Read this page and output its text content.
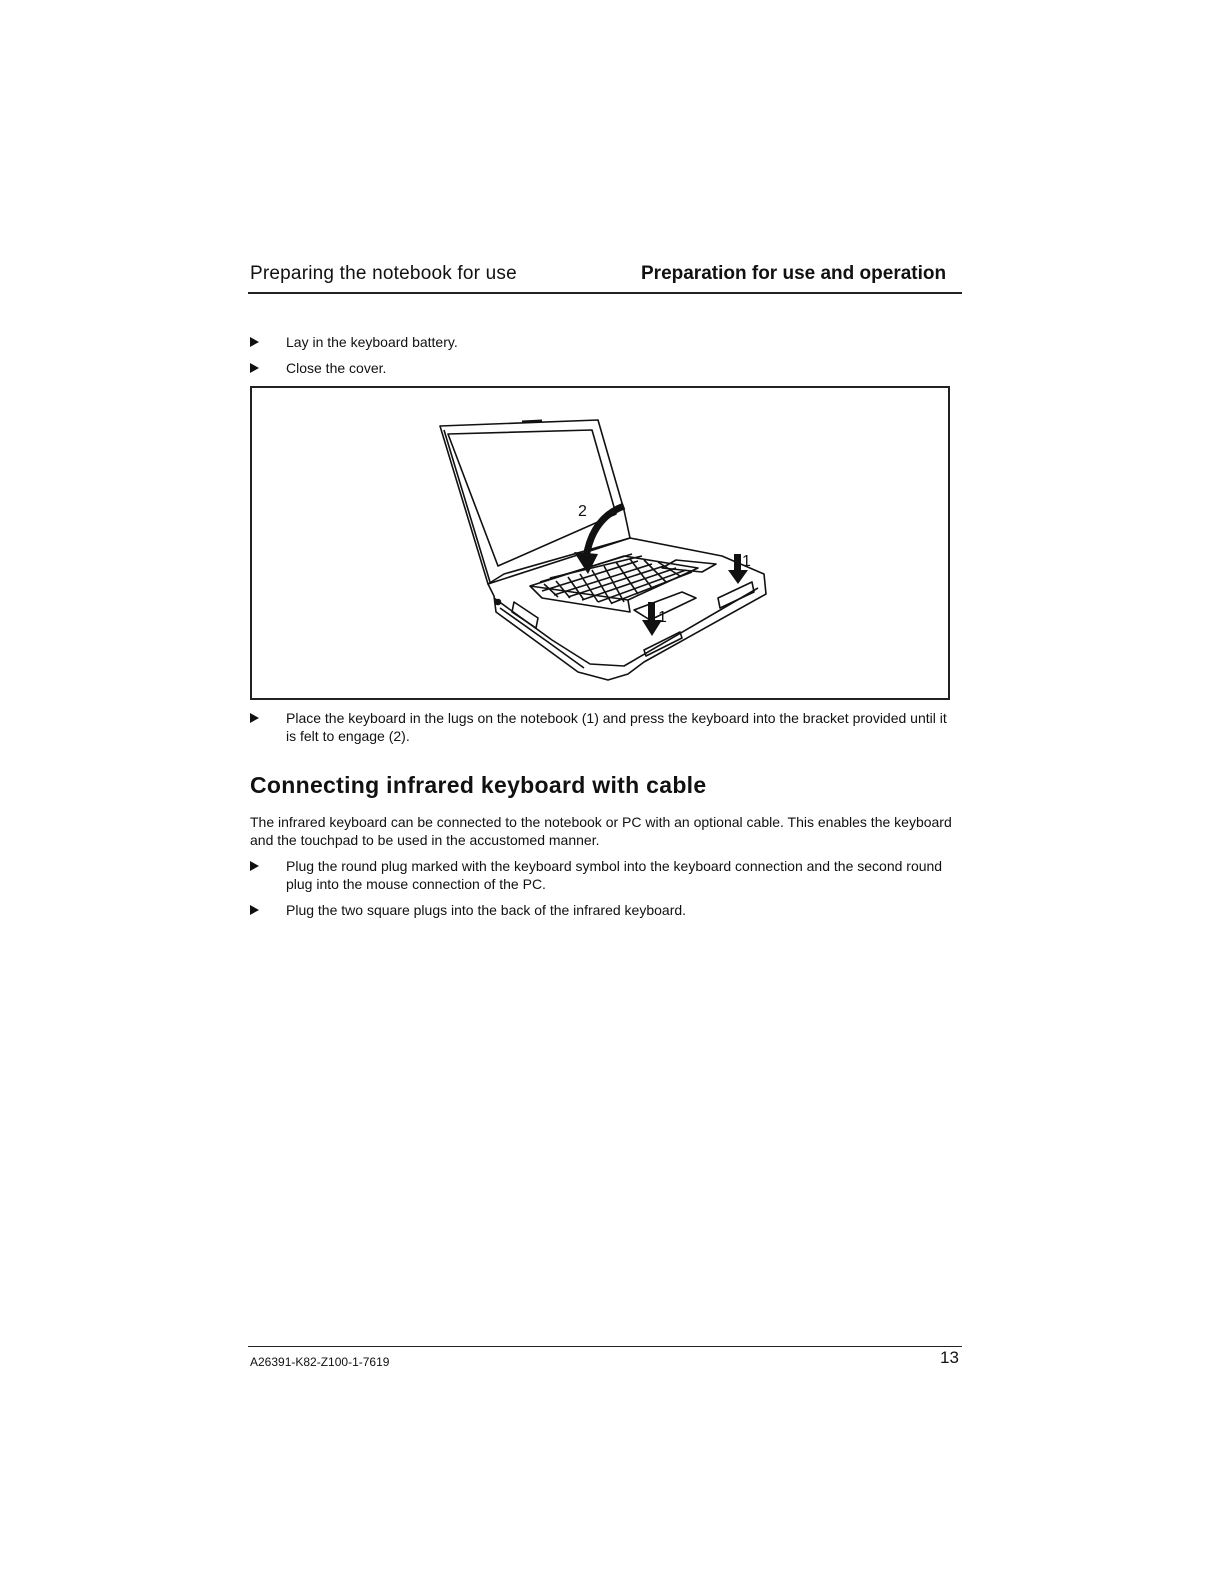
Preparing the notebook for use	Preparation for use and operation
Lay in the keyboard battery.
Close the cover.
2
1
1
Place the keyboard in the lugs on the notebook (1) and press the keyboard into the bracket provided until it is felt to engage (2).
Connecting infrared keyboard with cable
The infrared keyboard can be connected to the notebook or PC with an optional cable. This enables the keyboard and the touchpad to be used in the accustomed manner.
Plug the round plug marked with the keyboard symbol into the keyboard connection and the second round plug into the mouse connection of the PC.
Plug the two square plugs into the back of the infrared keyboard.
A26391-K82-Z100-1-7619	13
